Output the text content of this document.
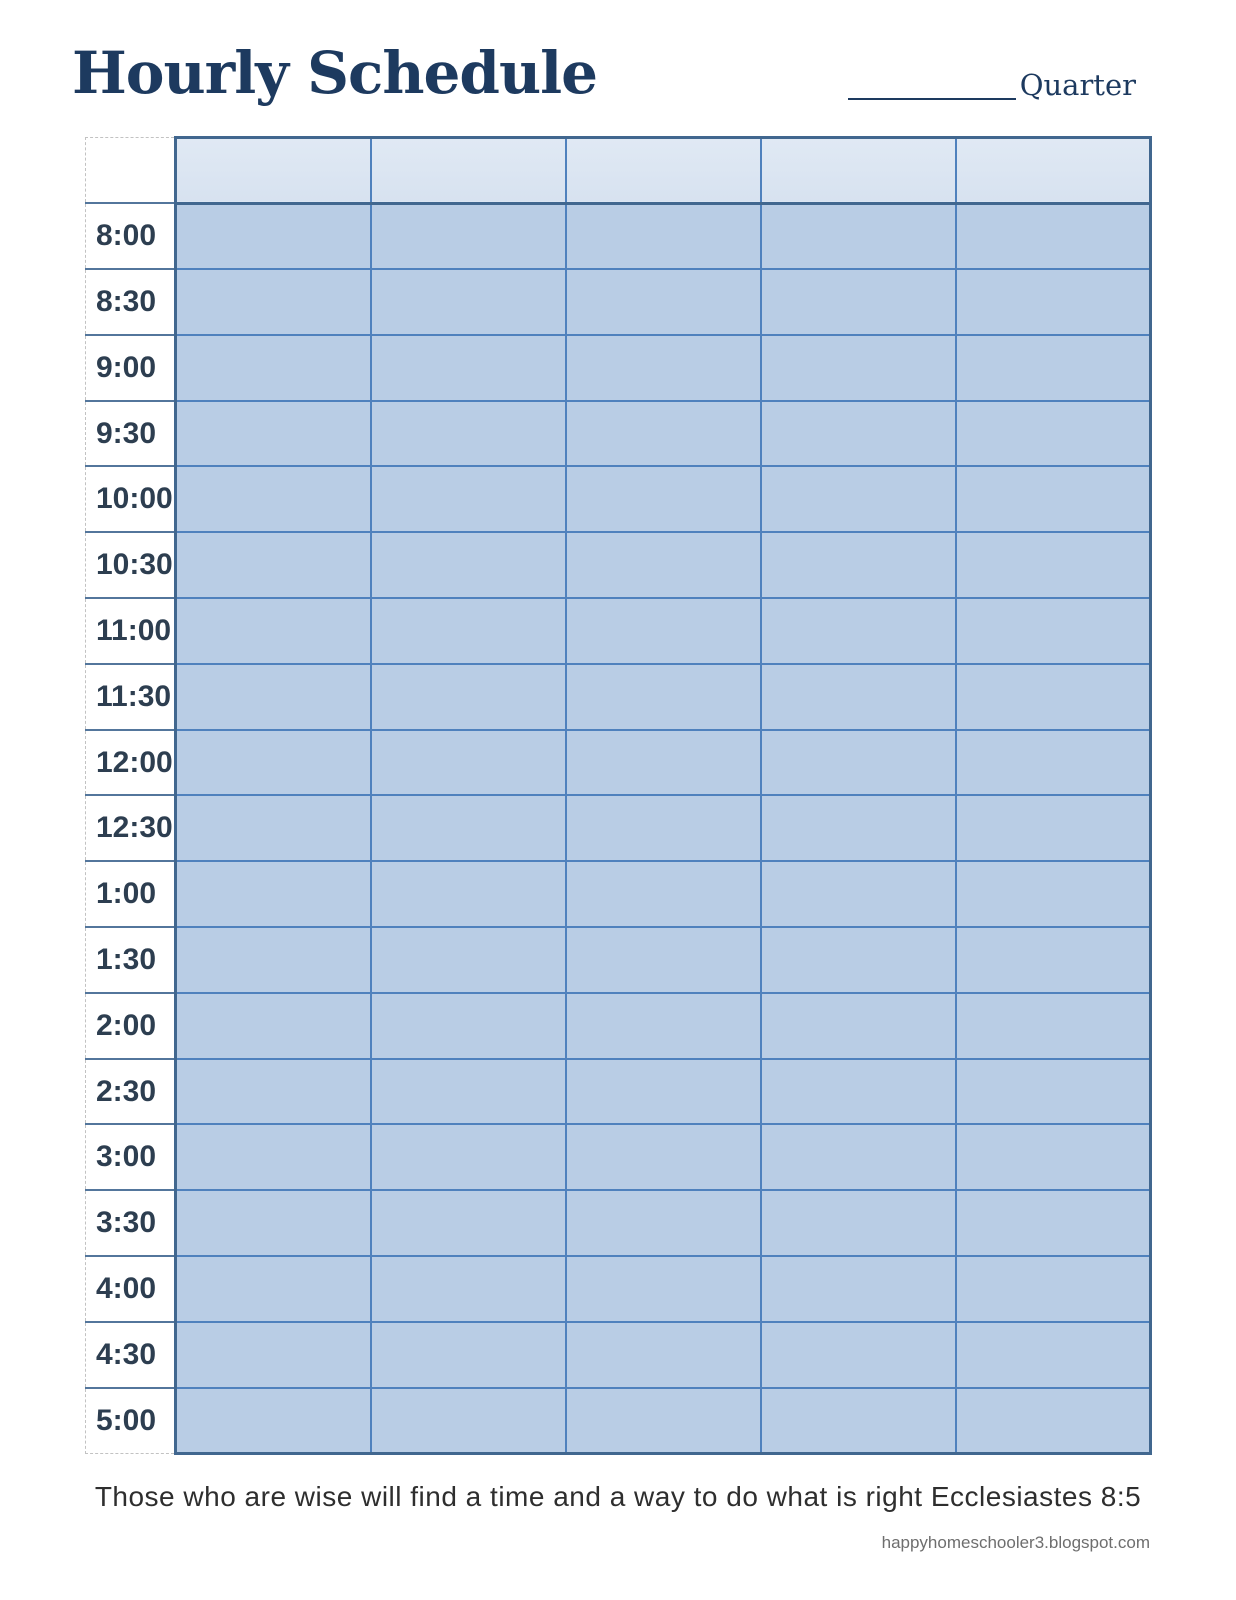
Hourly Schedule	Quarter

8:00					
8:30					
9:00					
9:30					
10:00					
10:30					
11:00					
11:30					
12:00					
12:30					
1:00					
1:30					
2:00					
2:30					
3:00					
3:30					
4:00					
4:30					
5:00					
Those who are wise will find a time and a way to do what is right Ecclesiastes 8:5
happyhomeschooler3.blogspot.com
